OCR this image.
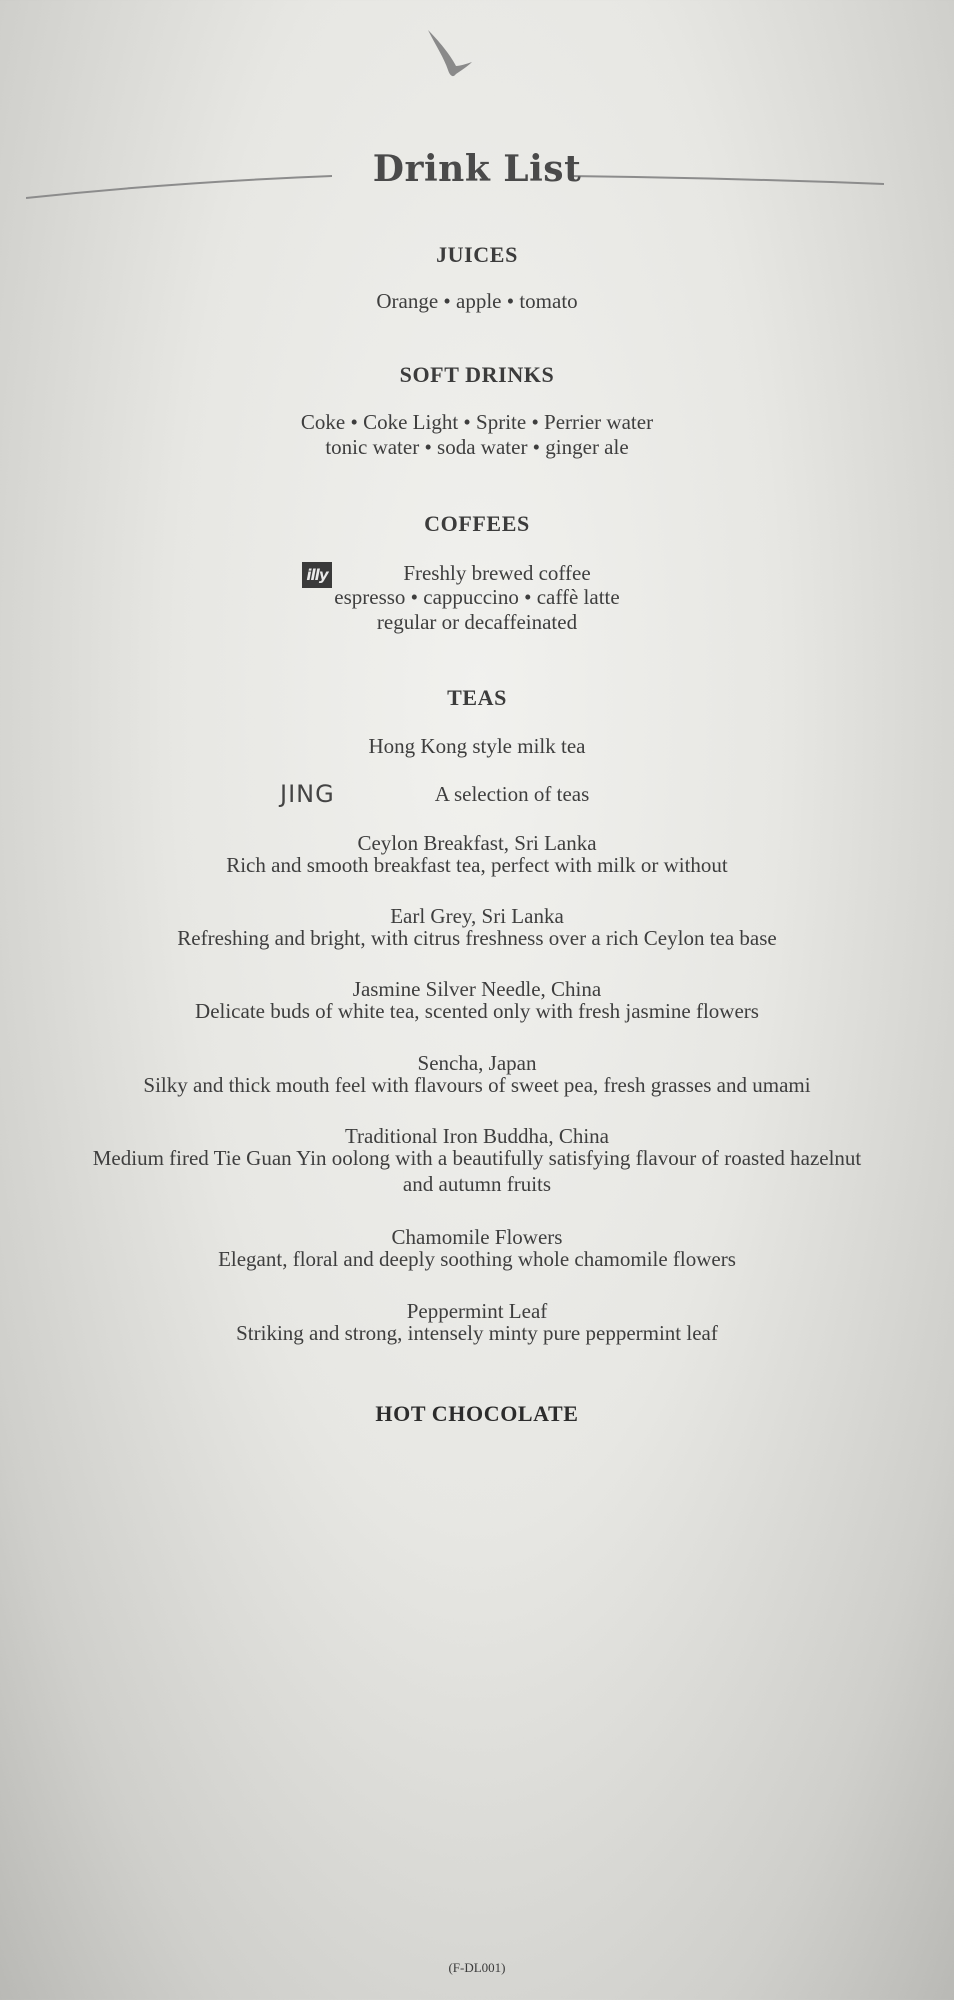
Drink List
JUICES
Orange • apple • tomato
SOFT DRINKS
Coke • Coke Light • Sprite • Perrier water
tonic water • soda water • ginger ale
COFFEES
illy	Freshly brewed coffee
espresso • cappuccino • caffè latte
regular or decaffeinated
TEAS
Hong Kong style milk tea
JING	A selection of teas
Ceylon Breakfast, Sri Lanka
Rich and smooth breakfast tea, perfect with milk or without
Earl Grey, Sri Lanka
Refreshing and bright, with citrus freshness over a rich Ceylon tea base
Jasmine Silver Needle, China
Delicate buds of white tea, scented only with fresh jasmine flowers
Sencha, Japan
Silky and thick mouth feel with flavours of sweet pea, fresh grasses and umami
Traditional Iron Buddha, China
Medium fired Tie Guan Yin oolong with a beautifully satisfying flavour of roasted hazelnut
and autumn fruits
Chamomile Flowers
Elegant, floral and deeply soothing whole chamomile flowers
Peppermint Leaf
Striking and strong, intensely minty pure peppermint leaf
HOT CHOCOLATE
(F-DL001)
